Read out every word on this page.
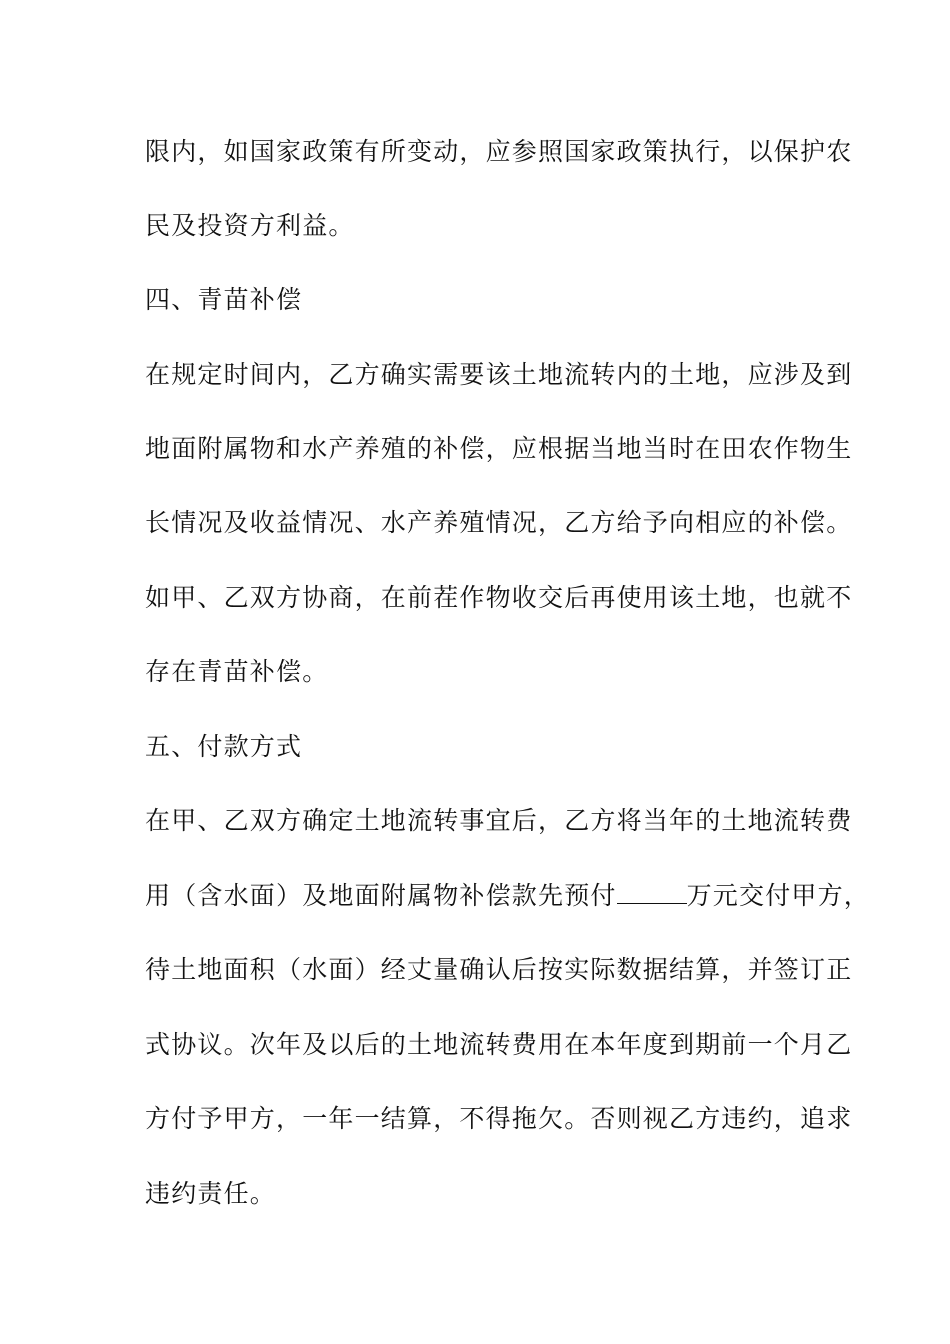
限内，如国家政策有所变动，应参照国家政策执行，以保护农
民及投资方利益。
四、青苗补偿
在规定时间内，乙方确实需要该土地流转内的土地，应涉及到
地面附属物和水产养殖的补偿，应根据当地当时在田农作物生
长情况及收益情况、水产养殖情况，乙方给予向相应的补偿。
如甲、乙双方协商，在前茬作物收交后再使用该土地，也就不
存在青苗补偿。
五、付款方式
在甲、乙双方确定土地流转事宜后，乙方将当年的土地流转费
用（含水面）及地面附属物补偿款先预付	万元交付甲方，
待土地面积（水面）经丈量确认后按实际数据结算，并签订正
式协议。次年及以后的土地流转费用在本年度到期前一个月乙
方付予甲方，一年一结算，不得拖欠。否则视乙方违约，追求
违约责任。
